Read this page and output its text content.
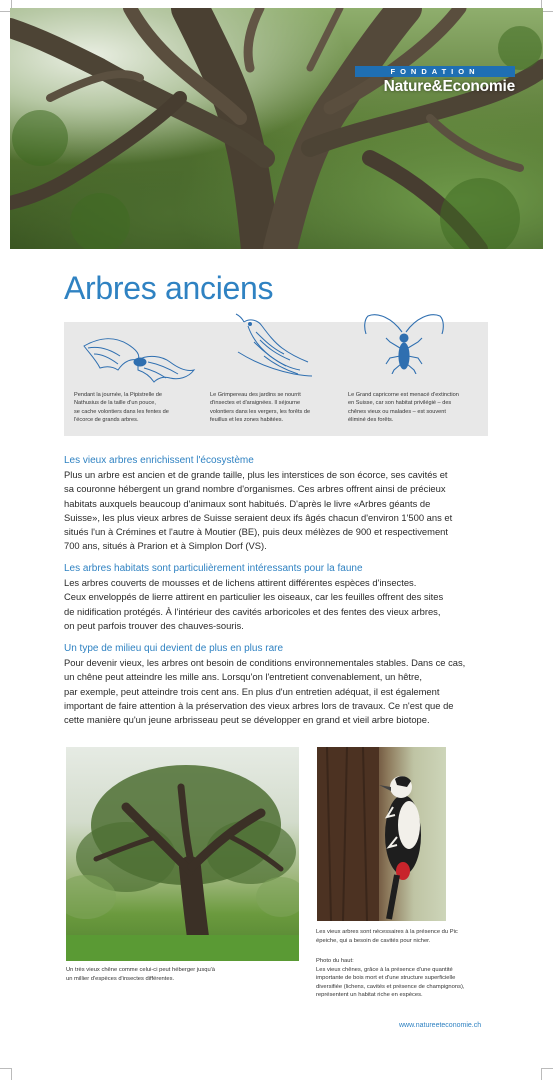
FONDATION
Nature&Economie
Arbres anciens
Pendant la journée, la Pipistrelle de
Nathusius de la taille d'un pouce,
se cache volontiers dans les fentes de
l'écorce de grands arbres.
Le Grimpereau des jardins se nourrit
d'insectes et d'araignées. Il séjourne
volontiers dans les vergers, les forêts de
feuillus et les zones habitées.
Le Grand capricorne est menacé d'extinction
en Suisse, car son habitat privilégié – des
chênes vieux ou malades – est souvent
éliminé des forêts.
Les vieux arbres enrichissent l'écosystème
Plus un arbre est ancien et de grande taille, plus les interstices de son écorce, ses cavités et
sa couronne hébergent un grand nombre d'organismes. Ces arbres offrent ainsi de précieux
habitats auxquels beaucoup d'animaux sont habitués. D'après le livre «Arbres géants de
Suisse», les plus vieux arbres de Suisse seraient deux ifs âgés chacun d'environ 1'500 ans et
situés l'un à Crémines et l'autre à Moutier (BE), puis deux mélèzes de 900 et respectivement
700 ans, situés à Prarion et à Simplon Dorf (VS).
Les arbres habitats sont particulièrement intéressants pour la faune
Les arbres couverts de mousses et de lichens attirent différentes espèces d'insectes.
Ceux enveloppés de lierre attirent en particulier les oiseaux, car les feuilles offrent des sites
de nidification protégés. À l'intérieur des cavités arboricoles et des fentes des vieux arbres,
on peut parfois trouver des chauves-souris.
Un type de milieu qui devient de plus en plus rare
Pour devenir vieux, les arbres ont besoin de conditions environnementales stables. Dans ce cas,
un chêne peut atteindre les mille ans. Lorsqu'on l'entretient convenablement, un hêtre,
par exemple, peut atteindre trois cent ans. En plus d'un entretien adéquat, il est également
important de faire attention à la préservation des vieux arbres lors de travaux. Ce n'est que de
cette manière qu'un jeune arbrisseau peut se développer en grand et vieil arbre biotope.
Un très vieux chêne comme celui-ci peut héberger jusqu'à
un millier d'espèces d'insectes différentes.
Les vieux arbres sont nécessaires à la présence du Pic
épeiche, qui a besoin de cavités pour nicher.
Photo du haut:
Les vieux chênes, grâce à la présence d'une quantité
importante de bois mort et d'une structure superficielle
diversifiée (lichens, cavités et présence de champignons),
représentent un habitat riche en espèces.
www.natureeteconomie.ch
